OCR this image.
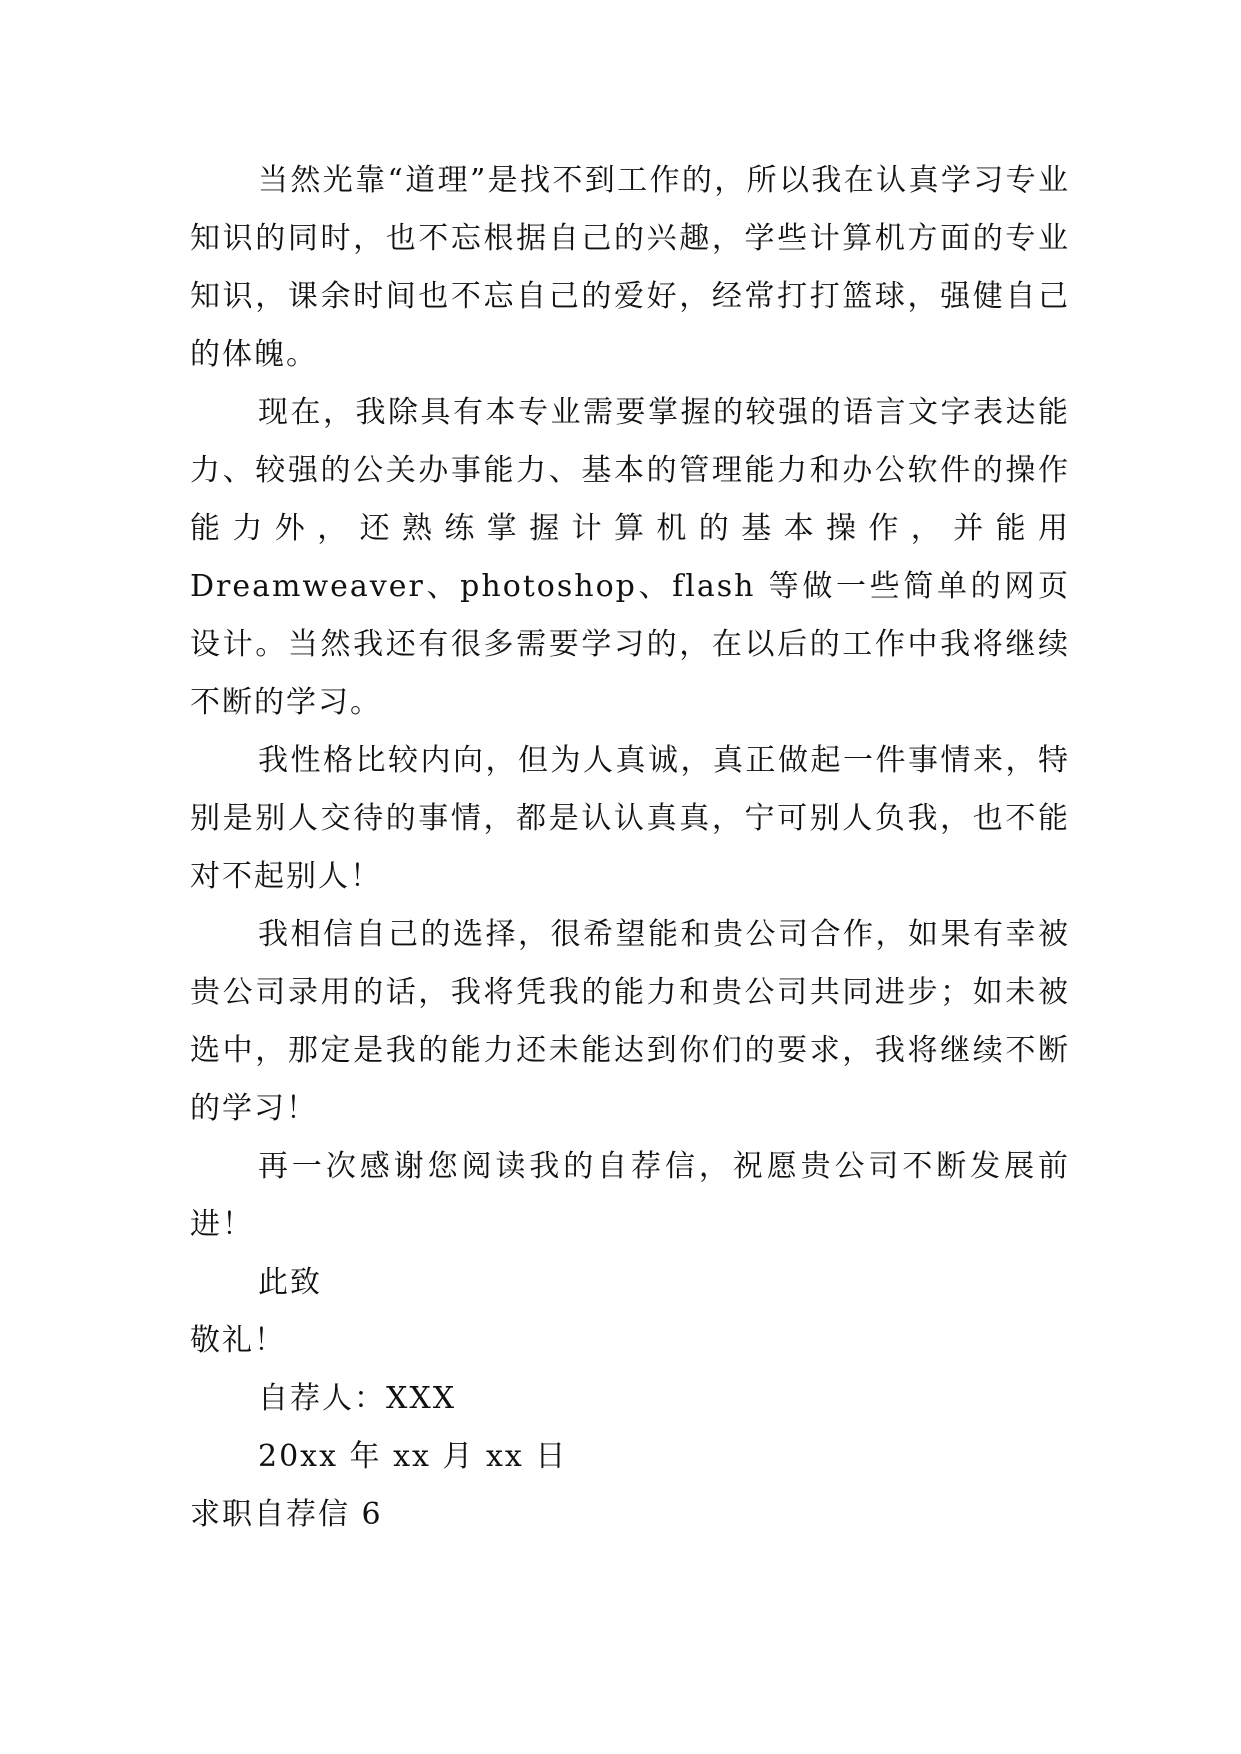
当然光靠“道理”是找不到工作的，所以我在认真学习专业知识的同时，也不忘根据自己的兴趣，学些计算机方面的专业知识，课余时间也不忘自己的爱好，经常打打篮球，强健自己的体魄。

现在，我除具有本专业需要掌握的较强的语言文字表达能力、较强的公关办事能力、基本的管理能力和办公软件的操作能力外，还熟练掌握计算机的基本操作，并能用Dreamweaver、photoshop、flash 等做一些简单的网页设计。当然我还有很多需要学习的，在以后的工作中我将继续不断的学习。

我性格比较内向，但为人真诚，真正做起一件事情来，特别是别人交待的事情，都是认认真真，宁可别人负我，也不能对不起别人！

我相信自己的选择，很希望能和贵公司合作，如果有幸被贵公司录用的话，我将凭我的能力和贵公司共同进步；如未被选中，那定是我的能力还未能达到你们的要求，我将继续不断的学习！

再一次感谢您阅读我的自荐信，祝愿贵公司不断发展前进！

此致

敬礼！

自荐人：XXX

20xx 年 xx 月 xx 日

求职自荐信 6
